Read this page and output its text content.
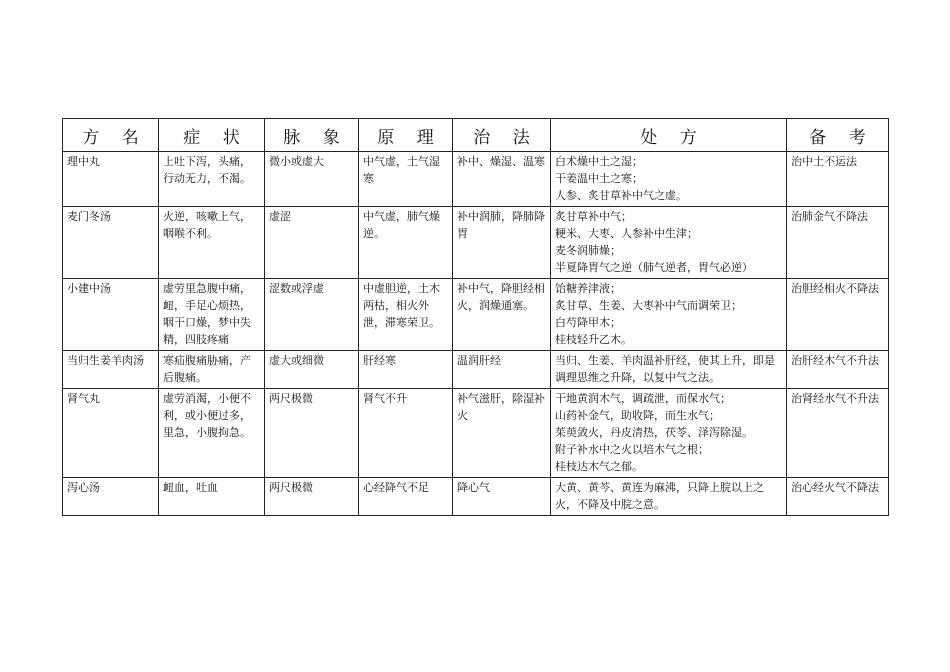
方 名	症 状	脉 象	原 理	治 法	处 方	备 考
理中丸	上吐下泻，头痛，行动无力，不渴。	微小或虚大	中气虚，土气湿寒	补中、燥湿、温寒	白术燥中土之湿；
干姜温中土之寒；
人参、炙甘草补中气之虚。	治中土不运法

麦门冬汤	火逆，咳嗽上气，咽喉不利。	虚涩	中气虚，肺气燥逆。	补中润肺，降肺降胃	炙甘草补中气；
粳米、大枣、人参补中生津；
麦冬润肺燥；
半夏降胃气之逆（肺气逆者，胃气必逆）	治肺金气不降法

小建中汤	虚劳里急腹中痛，衄，手足心烦热，咽干口燥，梦中失精，四肢疼痛	涩数或浮虚	中虚胆逆，土木两枯，相火外泄，滞寒荣卫。	补中气，降胆经相火，润燥通塞。	饴糖养津液；
炙甘草、生姜、大枣补中气而调荣卫；
白芍降甲木；
桂枝轻升乙木。	治胆经相火不降法

当归生姜羊肉汤	寒疝腹痛胁痛，产后腹痛。	虚大或细微	肝经寒	温润肝经	当归、生姜、羊肉温补肝经，使其上升，即是调理思维之升降，以复中气之法。	治肝经木气不升法

肾气丸	虚劳消渴，小便不利，或小便过多，里急，小腹拘急。	两尺极微	肾气不升	补气滋肝，除湿补火	干地黄润木气，调疏泄，而保水气；
山药补金气，助收降，而生水气；
茱萸敛火，丹皮清热，茯苓、泽泻除湿。
附子补水中之火以培木气之根；
桂枝达木气之郁。	治肾经水气不升法

泻心汤	衄血，吐血	两尺极微	心经降气不足	降心气	大黄、黄芩、黄连为麻沸，只降上脘以上之火，不降及中脘之意。	治心经火气不降法
